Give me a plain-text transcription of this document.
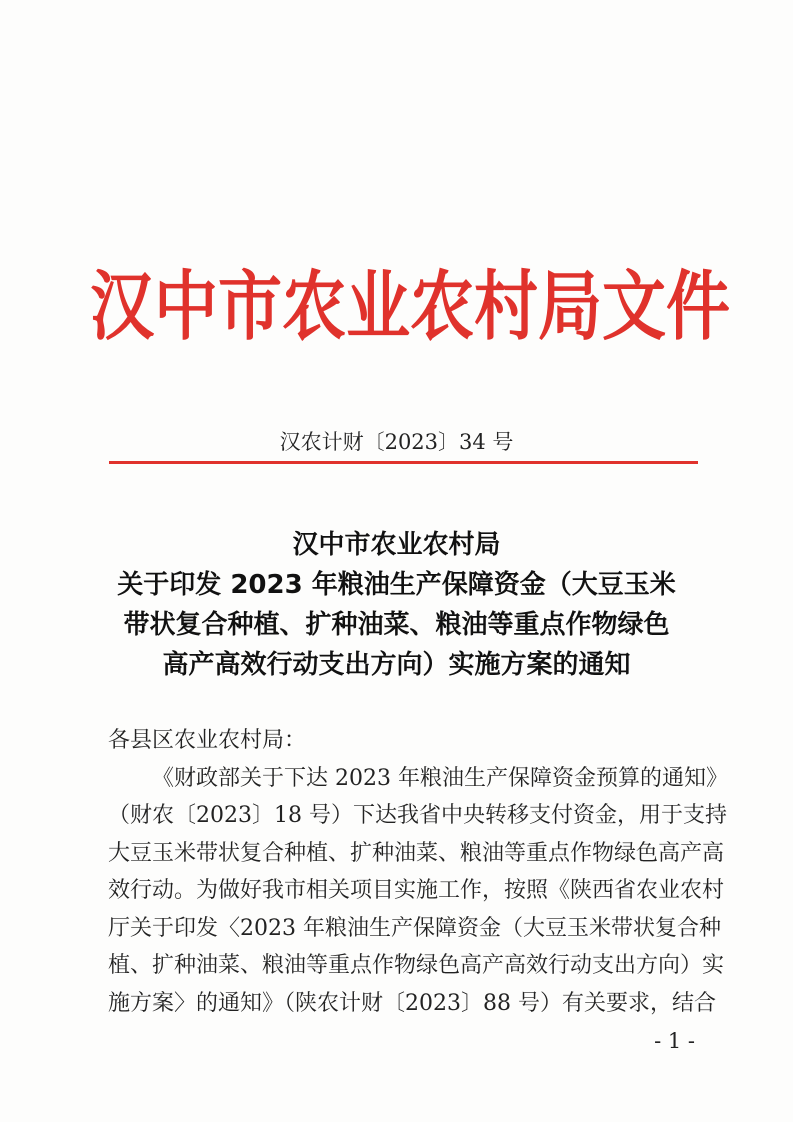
汉中市农业农村局文件
汉农计财〔2023〕34 号
汉中市农业农村局
关于印发 2023 年粮油生产保障资金（大豆玉米
带状复合种植、扩种油菜、粮油等重点作物绿色
高产高效行动支出方向）实施方案的通知
各县区农业农村局：
《财政部关于下达 2023 年粮油生产保障资金预算的通知》
（财农〔2023〕18 号）下达我省中央转移支付资金，用于支持
大豆玉米带状复合种植、扩种油菜、粮油等重点作物绿色高产高
效行动。为做好我市相关项目实施工作，按照《陕西省农业农村
厅关于印发〈2023 年粮油生产保障资金（大豆玉米带状复合种
植、扩种油菜、粮油等重点作物绿色高产高效行动支出方向）实
施方案〉的通知》（陕农计财〔2023〕88 号）有关要求，结合
- 1 -
